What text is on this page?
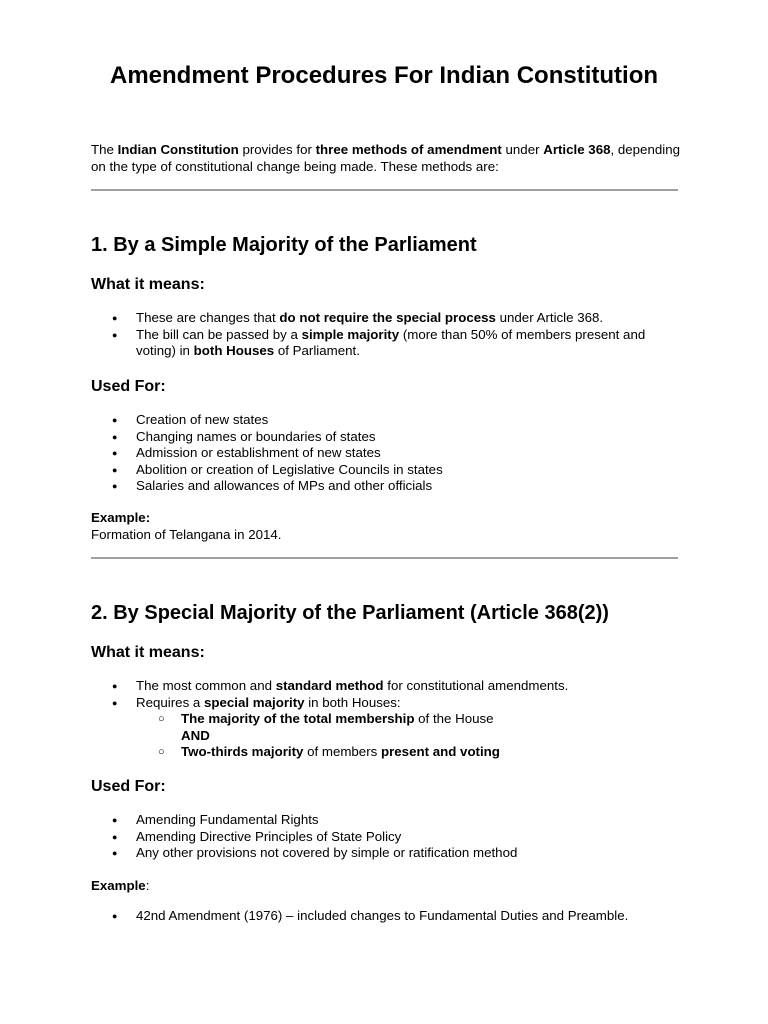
Amendment Procedures For Indian Constitution

The Indian Constitution provides for three methods of amendment under Article 368, depending on the type of constitutional change being made. These methods are:

1. By a Simple Majority of the Parliament
What it means:
● These are changes that do not require the special process under Article 368.
● The bill can be passed by a simple majority (more than 50% of members present and voting) in both Houses of Parliament.
Used For:
● Creation of new states
● Changing names or boundaries of states
● Admission or establishment of new states
● Abolition or creation of Legislative Councils in states
● Salaries and allowances of MPs and other officials

Example:

Formation of Telangana in 2014.

2. By Special Majority of the Parliament (Article 368(2))
What it means:
● The most common and standard method for constitutional amendments.
● Requires a special majority in both Houses:
○ The majority of the total membership of the House
AND
○ Two-thirds majority of members present and voting
Used For:
● Amending Fundamental Rights
● Amending Directive Principles of State Policy
● Any other provisions not covered by simple or ratification method

Example:

● 42nd Amendment (1976) – included changes to Fundamental Duties and Preamble.
